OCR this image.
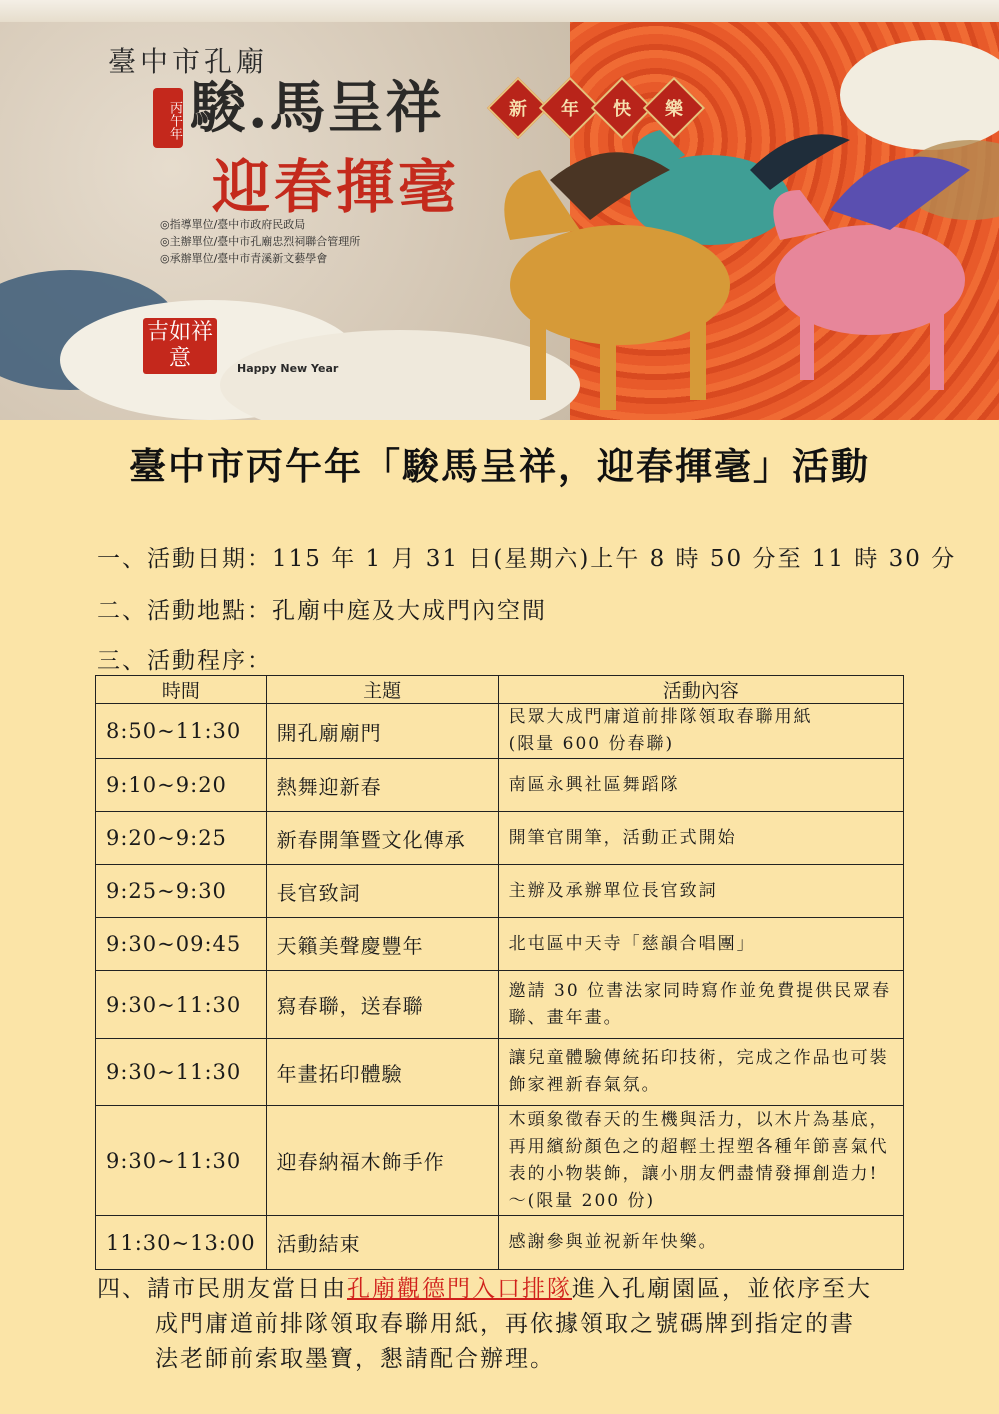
臺中市孔廟
丙午年 駿.馬呈祥
迎春揮毫
新 年 快 樂
◎指導單位/臺中市政府民政局
◎主辦單位/臺中市孔廟忠烈祠聯合管理所
◎承辦單位/臺中市青溪新文藝學會
吉如祥意	Happy New Year
臺中市丙午年「駿馬呈祥，迎春揮毫」活動
一、活動日期：115 年 1 月 31 日(星期六)上午 8 時 50 分至 11 時 30 分
二、活動地點：孔廟中庭及大成門內空間
三、活動程序：
時間	主題	活動內容
8:50~11:30	開孔廟廟門	民眾大成門庸道前排隊領取春聯用紙
(限量 600 份春聯)
9:10~9:20	熱舞迎新春	南區永興社區舞蹈隊
9:20~9:25	新春開筆暨文化傳承	開筆官開筆，活動正式開始
9:25~9:30	長官致詞	主辦及承辦單位長官致詞
9:30~09:45	天籟美聲慶豐年	北屯區中天寺「慈韻合唱團」
9:30~11:30	寫春聯，送春聯	邀請 30 位書法家同時寫作並免費提供民眾春聯、畫年畫。
9:30~11:30	年畫拓印體驗	讓兒童體驗傳統拓印技術，完成之作品也可裝飾家裡新春氣氛。
9:30~11:30	迎春納福木飾手作	木頭象徵春天的生機與活力，以木片為基底，再用繽紛顏色之的超輕土捏塑各種年節喜氣代表的小物裝飾，讓小朋友們盡情發揮創造力!～(限量 200 份)
11:30~13:00	活動結束	感謝參與並祝新年快樂。
四、請市民朋友當日由孔廟觀德門入口排隊進入孔廟園區，並依序至大
成門庸道前排隊領取春聯用紙，再依據領取之號碼牌到指定的書
法老師前索取墨寶，懇請配合辦理。
